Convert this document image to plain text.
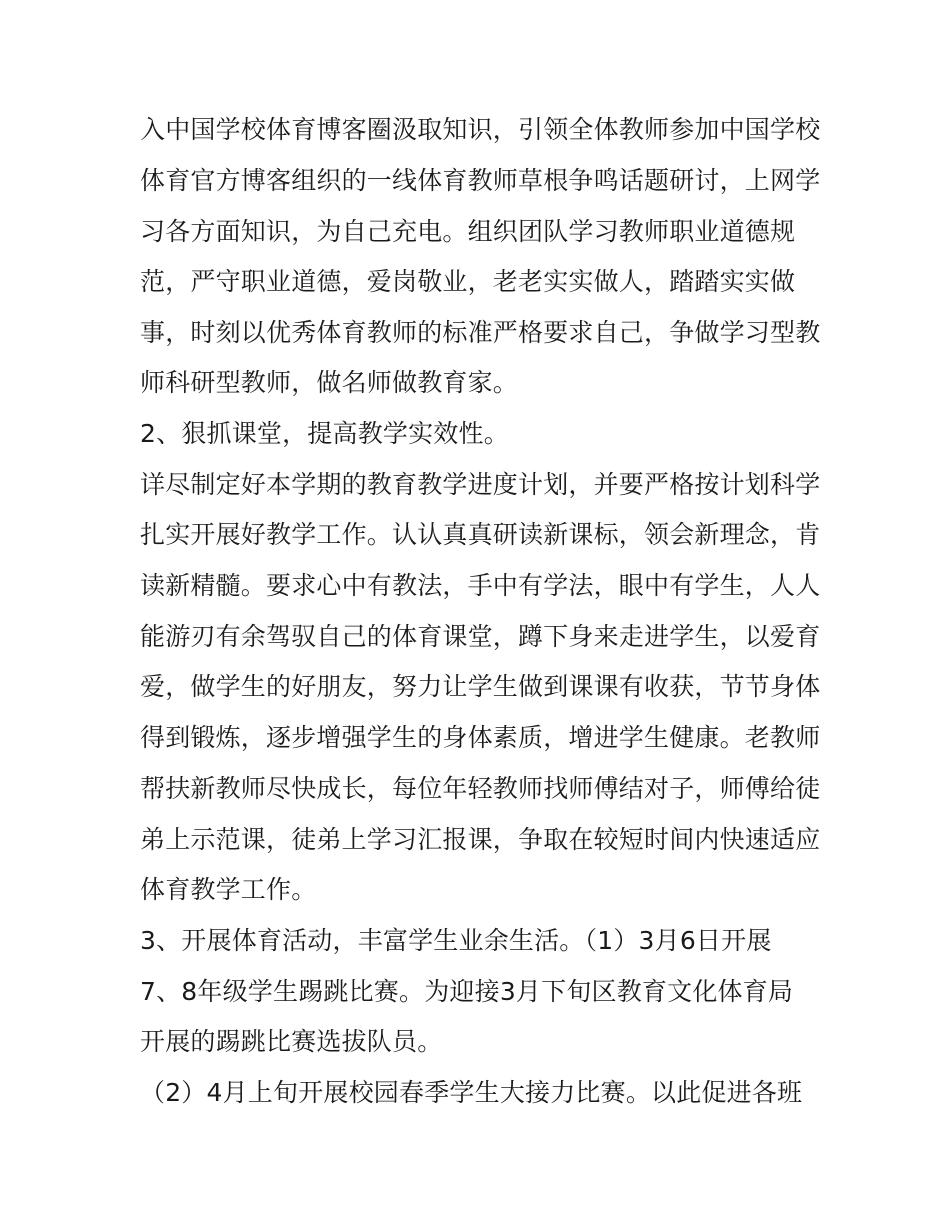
入中国学校体育博客圈汲取知识，引领全体教师参加中国学校
体育官方博客组织的一线体育教师草根争鸣话题研讨，上网学
习各方面知识，为自己充电。组织团队学习教师职业道德规
范，严守职业道德，爱岗敬业，老老实实做人，踏踏实实做
事，时刻以优秀体育教师的标准严格要求自己，争做学习型教
师科研型教师，做名师做教育家。
2、狠抓课堂，提高教学实效性。
详尽制定好本学期的教育教学进度计划，并要严格按计划科学
扎实开展好教学工作。认认真真研读新课标，领会新理念，肯
读新精髓。要求心中有教法，手中有学法，眼中有学生，人人
能游刃有余驾驭自己的体育课堂，蹲下身来走进学生，以爱育
爱，做学生的好朋友，努力让学生做到课课有收获，节节身体
得到锻炼，逐步增强学生的身体素质，增进学生健康。老教师
帮扶新教师尽快成长，每位年轻教师找师傅结对子，师傅给徒
弟上示范课，徒弟上学习汇报课，争取在较短时间内快速适应
体育教学工作。
3、开展体育活动，丰富学生业余生活。（1）3月6日开展
7、8年级学生踢跳比赛。为迎接3月下旬区教育文化体育局
开展的踢跳比赛选拔队员。
（2）4月上旬开展校园春季学生大接力比赛。以此促进各班
